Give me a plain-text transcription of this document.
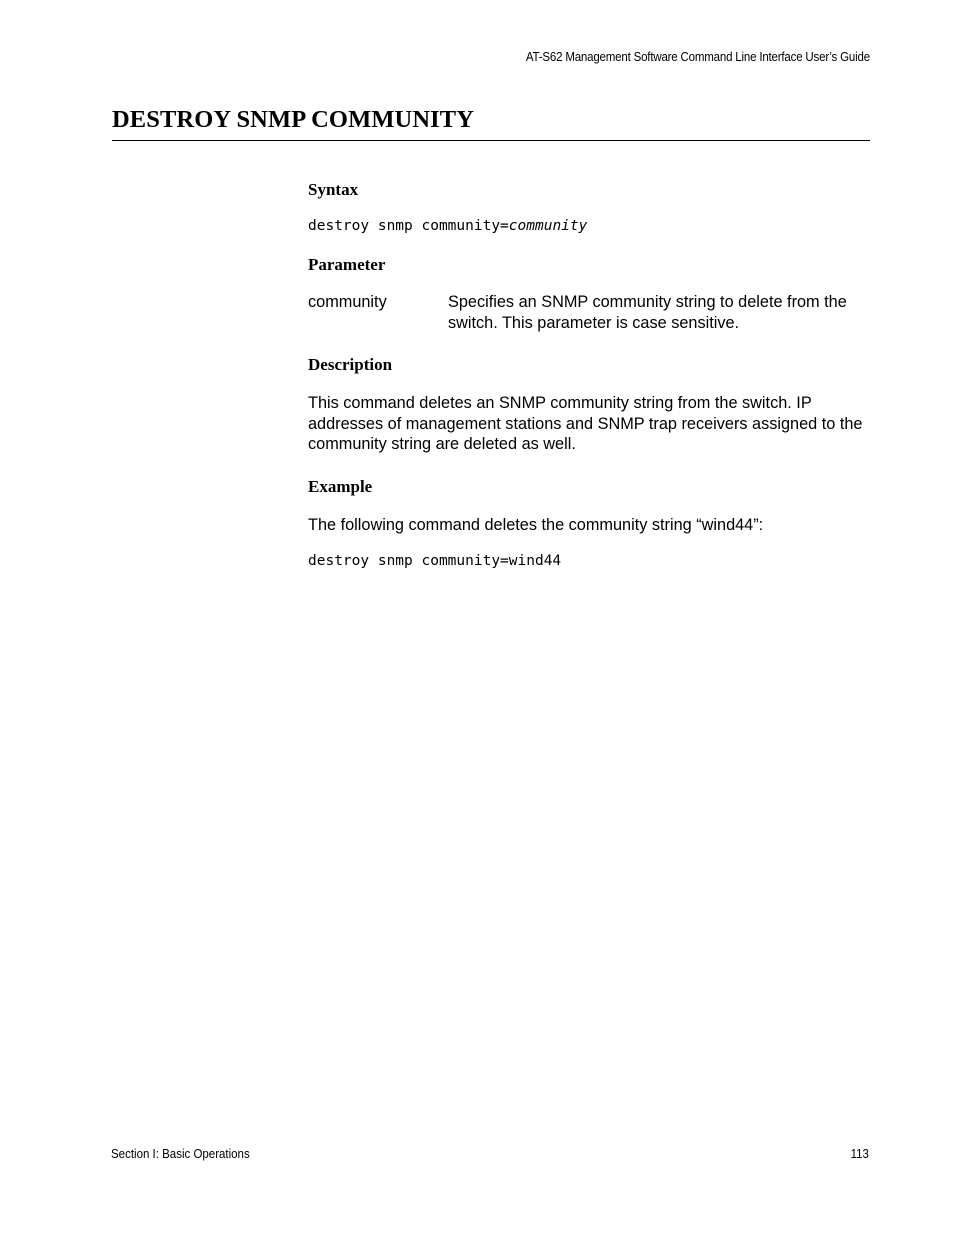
AT-S62 Management Software Command Line Interface User’s Guide
DESTROY SNMP COMMUNITY
Syntax

destroy snmp community=community

Parameter
community	Specifies an SNMP community string to delete from the switch. This parameter is case sensitive.
Description

This command deletes an SNMP community string from the switch. IP addresses of management stations and SNMP trap receivers assigned to the community string are deleted as well.

Example

The following command deletes the community string “wind44”:

destroy snmp community=wind44

Section I: Basic Operations	113
